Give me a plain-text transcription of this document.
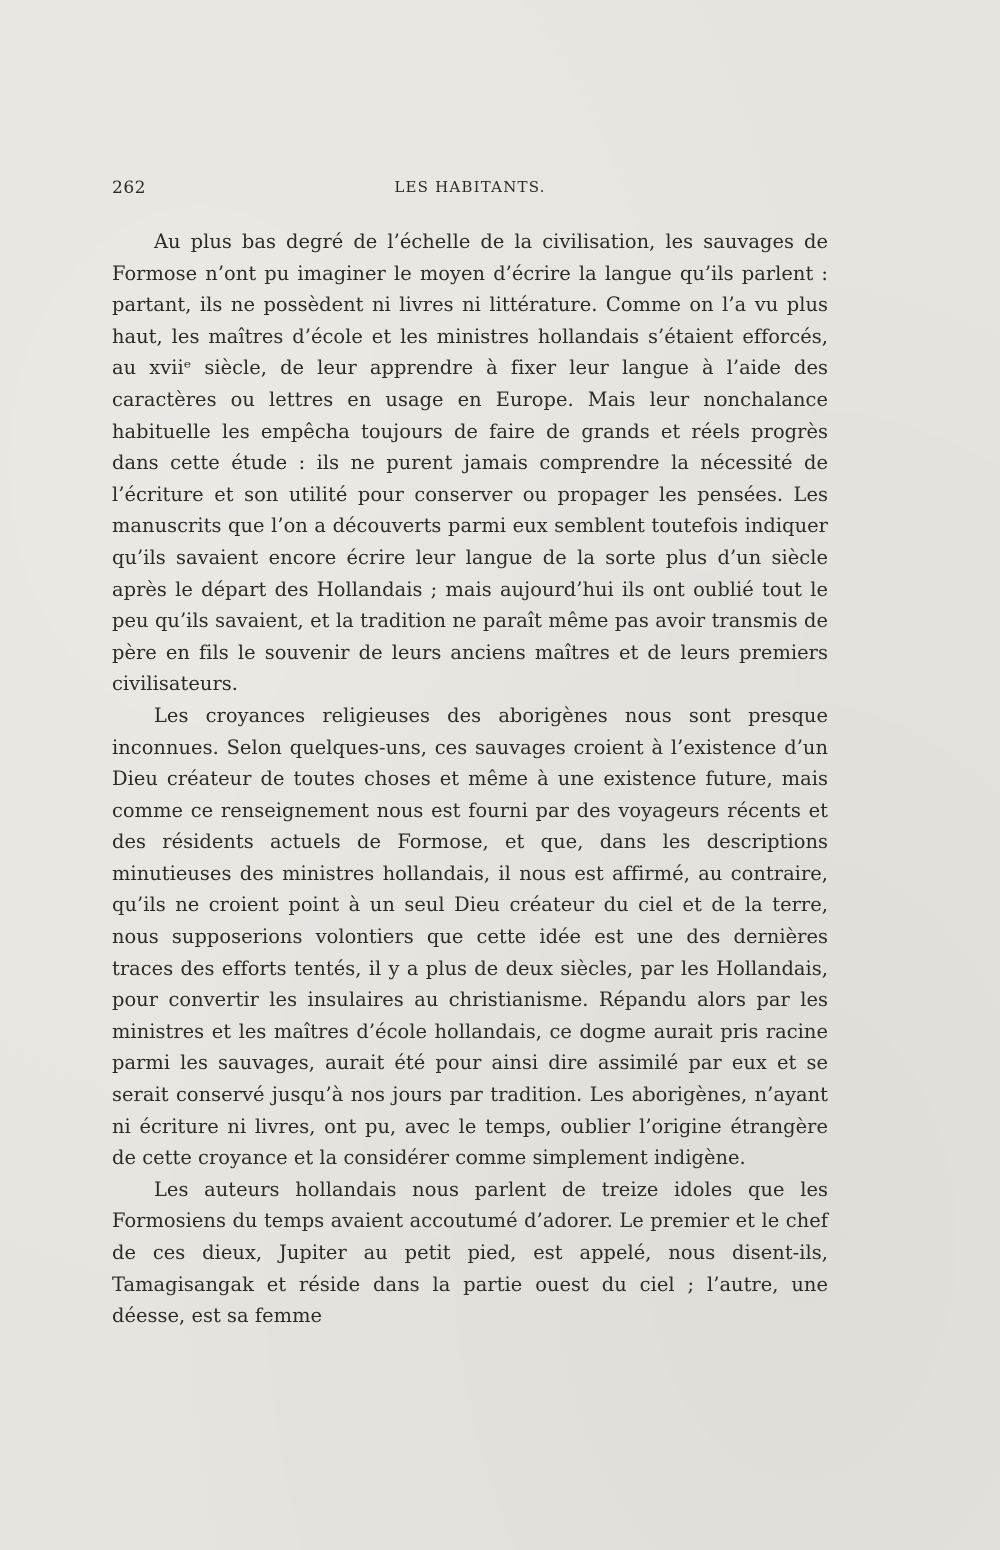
262	LES HABITANTS.

Au plus bas degré de l’échelle de la civilisation, les sauvages de Formose n’ont pu imaginer le moyen d’écrire la langue qu’ils parlent : partant, ils ne possèdent ni livres ni littérature. Comme on l’a vu plus haut, les maîtres d’école et les ministres hollandais s’étaient efforcés, au xviiᵉ siècle, de leur apprendre à fixer leur langue à l’aide des caractères ou lettres en usage en Europe. Mais leur nonchalance habituelle les empêcha toujours de faire de grands et réels progrès dans cette étude : ils ne purent jamais comprendre la nécessité de l’écriture et son utilité pour conserver ou propager les pensées. Les manuscrits que l’on a découverts parmi eux semblent toutefois indiquer qu’ils savaient encore écrire leur langue de la sorte plus d’un siècle après le départ des Hollandais ; mais aujourd’hui ils ont oublié tout le peu qu’ils savaient, et la tradition ne paraît même pas avoir transmis de père en fils le souvenir de leurs anciens maîtres et de leurs premiers civilisateurs.

Les croyances religieuses des aborigènes nous sont presque inconnues. Selon quelques-uns, ces sauvages croient à l’existence d’un Dieu créateur de toutes choses et même à une existence future, mais comme ce renseignement nous est fourni par des voyageurs récents et des résidents actuels de Formose, et que, dans les descriptions minutieuses des ministres hollandais, il nous est affirmé, au contraire, qu’ils ne croient point à un seul Dieu créateur du ciel et de la terre, nous supposerions volontiers que cette idée est une des dernières traces des efforts tentés, il y a plus de deux siècles, par les Hollandais, pour convertir les insulaires au christianisme. Répandu alors par les ministres et les maîtres d’école hollandais, ce dogme aurait pris racine parmi les sauvages, aurait été pour ainsi dire assimilé par eux et se serait conservé jusqu’à nos jours par tradition. Les aborigènes, n’ayant ni écriture ni livres, ont pu, avec le temps, oublier l’origine étrangère de cette croyance et la considérer comme simplement indigène.

Les auteurs hollandais nous parlent de treize idoles que les Formosiens du temps avaient accoutumé d’adorer. Le premier et le chef de ces dieux, Jupiter au petit pied, est appelé, nous disent-ils, Tamagisangak et réside dans la partie ouest du ciel ; l’autre, une déesse, est sa femme
